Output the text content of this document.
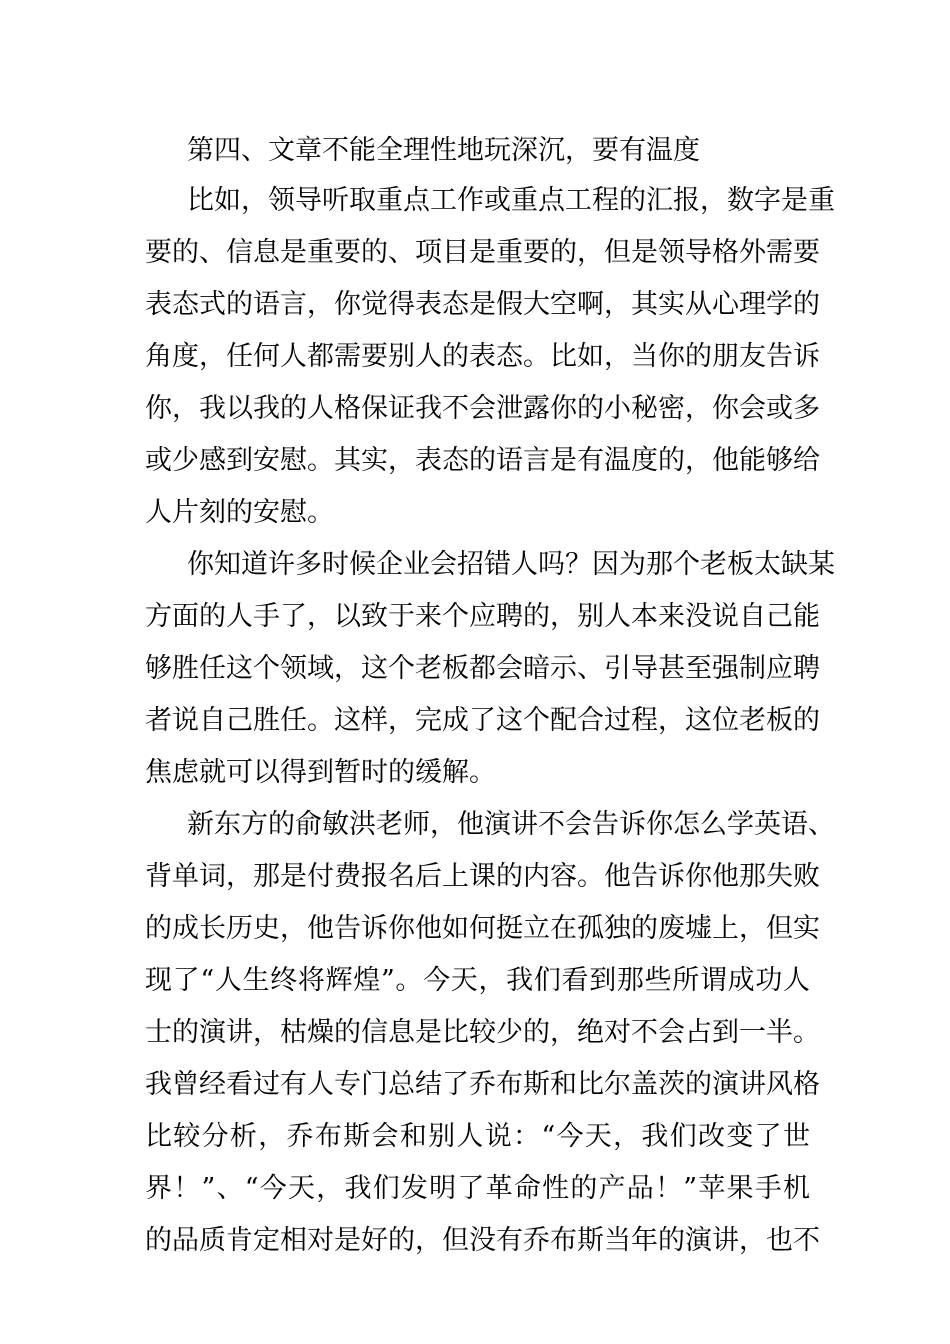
第四、文章不能全理性地玩深沉，要有温度

比如，领导听取重点工作或重点工程的汇报，数字是重

要的、信息是重要的、项目是重要的，但是领导格外需要

表态式的语言，你觉得表态是假大空啊，其实从心理学的

角度，任何人都需要别人的表态。比如，当你的朋友告诉

你，我以我的人格保证我不会泄露你的小秘密，你会或多

或少感到安慰。其实，表态的语言是有温度的，他能够给

人片刻的安慰。

你知道许多时候企业会招错人吗？因为那个老板太缺某

方面的人手了，以致于来个应聘的，别人本来没说自己能

够胜任这个领域，这个老板都会暗示、引导甚至强制应聘

者说自己胜任。这样，完成了这个配合过程，这位老板的

焦虑就可以得到暂时的缓解。

新东方的俞敏洪老师，他演讲不会告诉你怎么学英语、

背单词，那是付费报名后上课的内容。他告诉你他那失败

的成长历史，他告诉你他如何挺立在孤独的废墟上，但实

现了“人生终将辉煌”。今天，我们看到那些所谓成功人

士的演讲，枯燥的信息是比较少的，绝对不会占到一半。

我曾经看过有人专门总结了乔布斯和比尔盖茨的演讲风格

比较分析，乔布斯会和别人说：“今天，我们改变了世

界！”、“今天，我们发明了革命性的产品！”苹果手机

的品质肯定相对是好的，但没有乔布斯当年的演讲，也不
